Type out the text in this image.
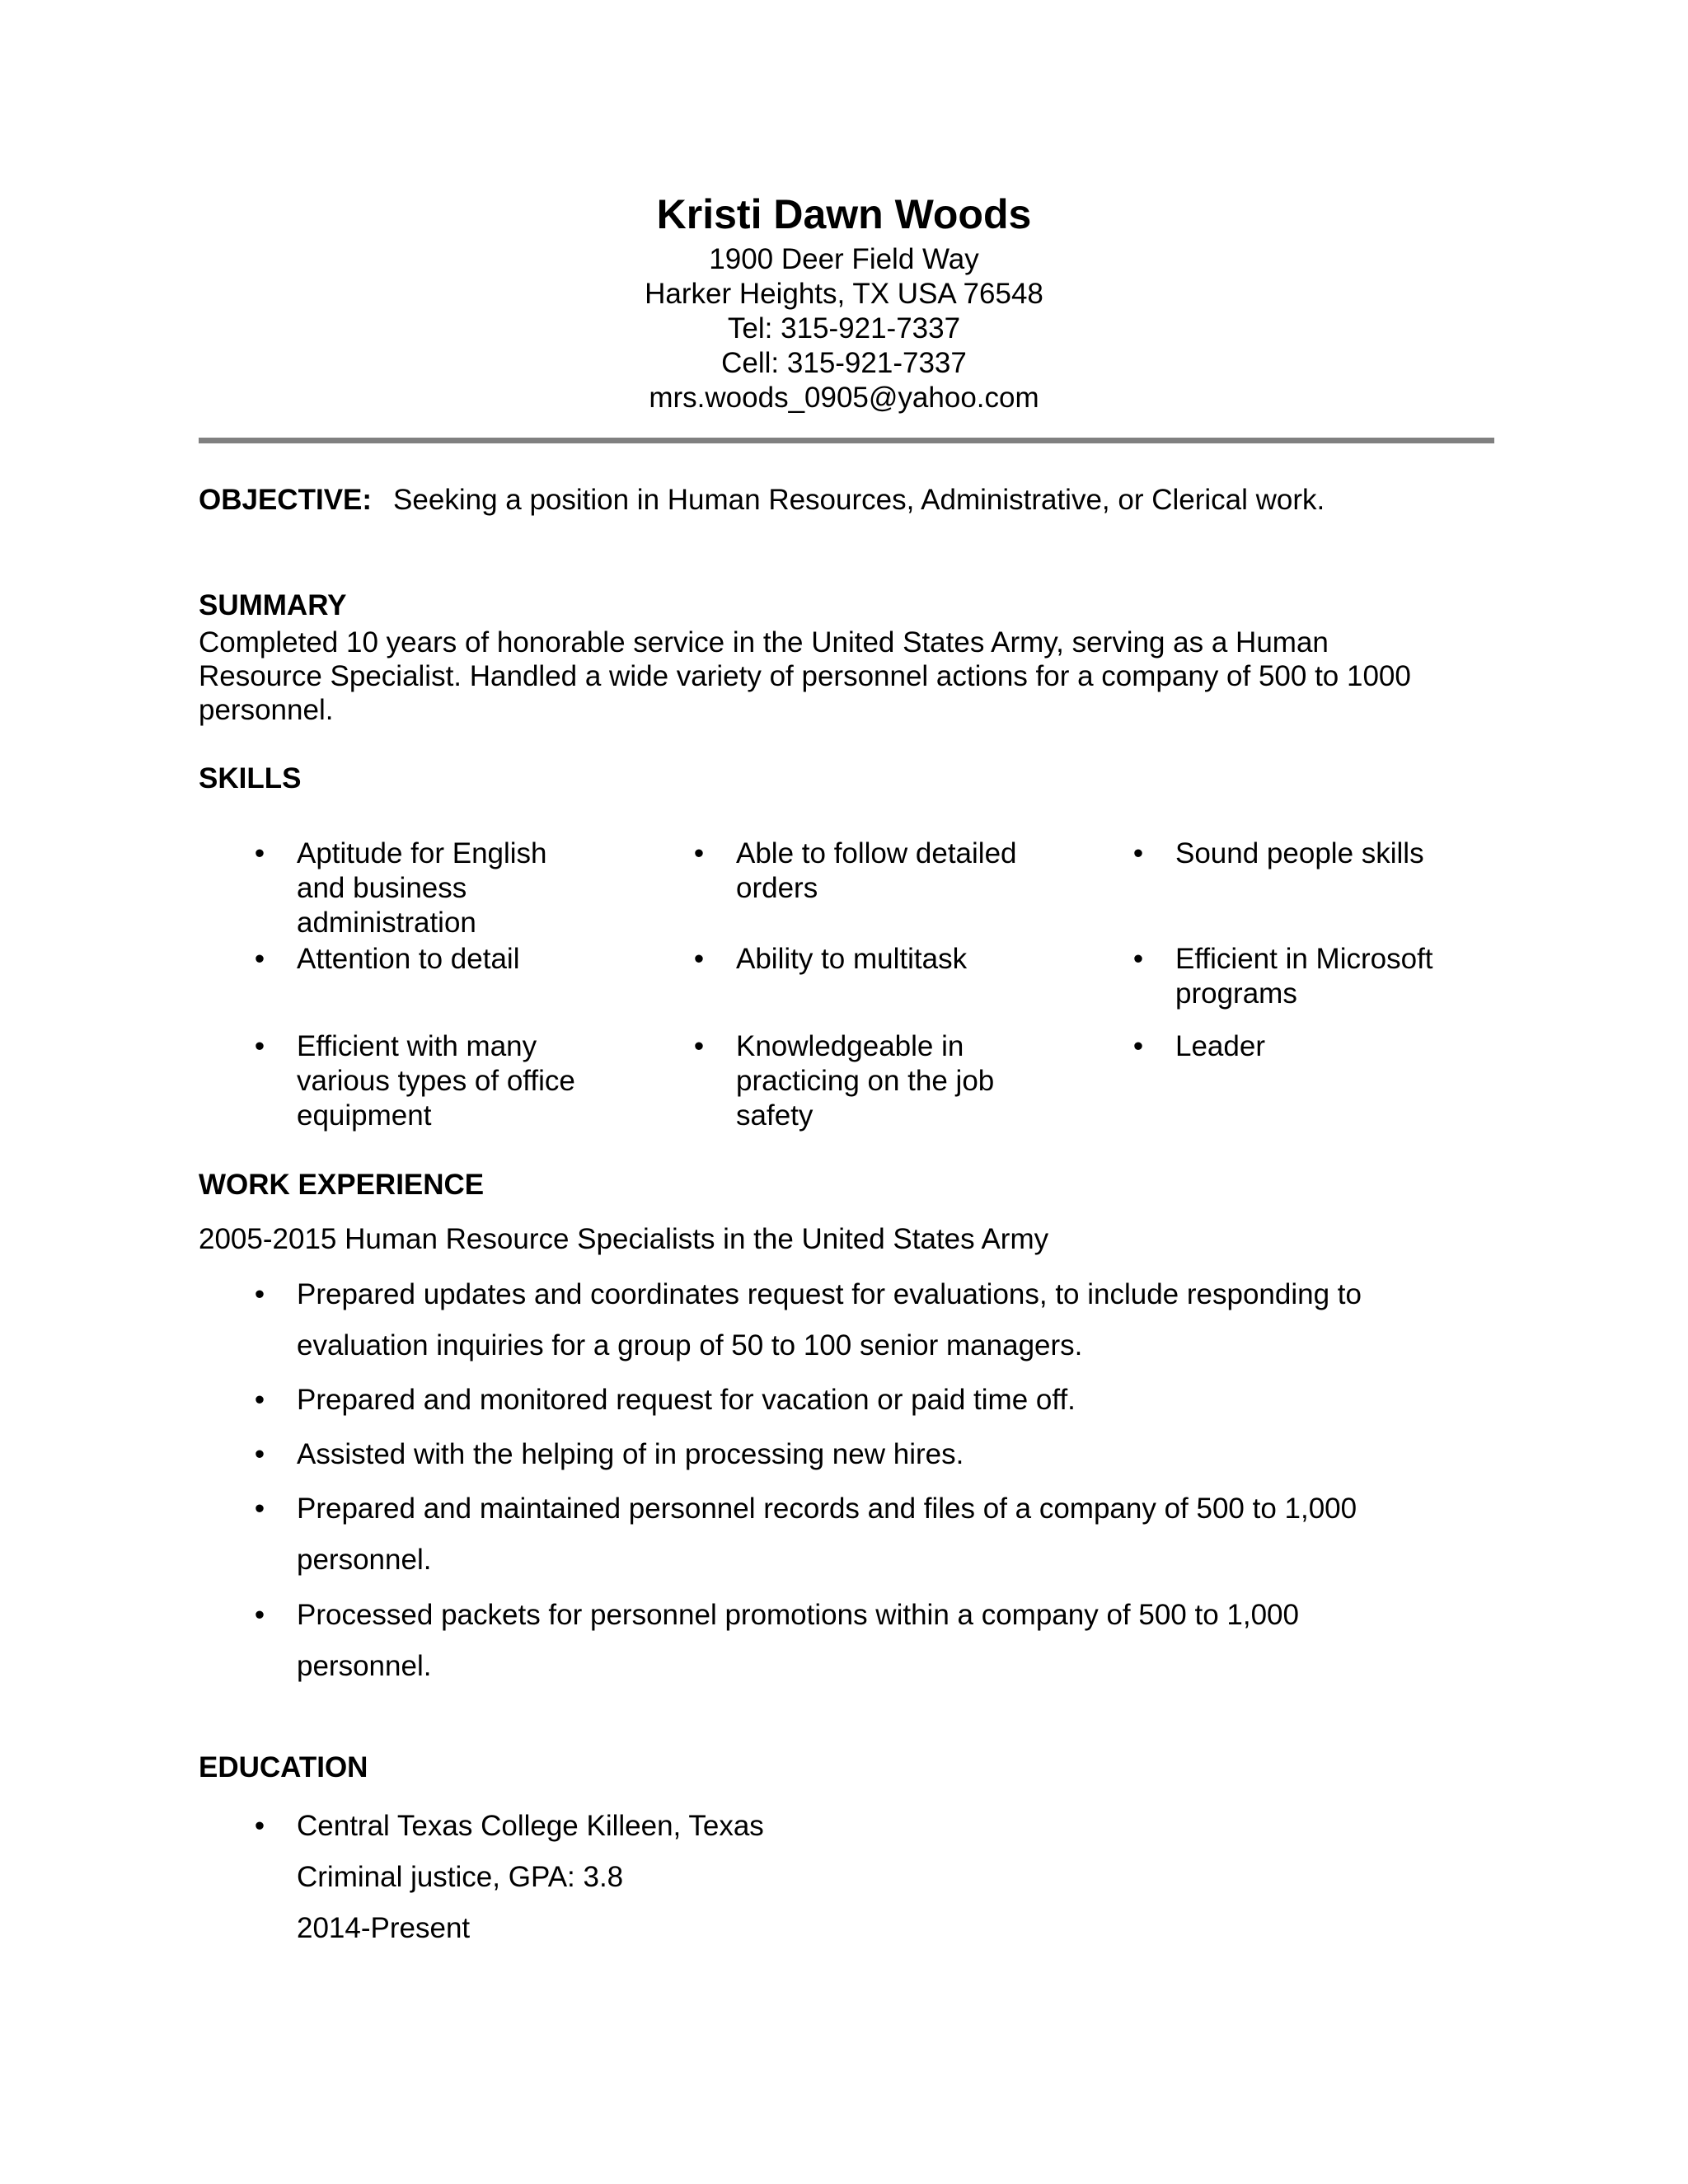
Kristi Dawn Woods
1900 Deer Field Way
Harker Heights, TX USA 76548
Tel: 315-921-7337
Cell: 315-921-7337
mrs.woods_0905@yahoo.com
OBJECTIVE: Seeking a position in Human Resources, Administrative, or Clerical work.
SUMMARY
Completed 10 years of honorable service in the United States Army, serving as a Human
Resource Specialist. Handled a wide variety of personnel actions for a company of 500 to 1000
personnel.
SKILLS
• Aptitude for English
and business
administration
• Able to follow detailed
orders
• Sound people skills
• Attention to detail	• Ability to multitask	• Efficient in Microsoft
programs
• Efficient with many
various types of office
equipment
• Knowledgeable in
practicing on the job
safety
• Leader
WORK EXPERIENCE
2005-2015 Human Resource Specialists in the United States Army
• Prepared updates and coordinates request for evaluations, to include responding to
evaluation inquiries for a group of 50 to 100 senior managers.
• Prepared and monitored request for vacation or paid time off.
• Assisted with the helping of in processing new hires.
• Prepared and maintained personnel records and files of a company of 500 to 1,000
personnel.
• Processed packets for personnel promotions within a company of 500 to 1,000
personnel.
EDUCATION
• Central Texas College Killeen, Texas
Criminal justice, GPA: 3.8
2014-Present
